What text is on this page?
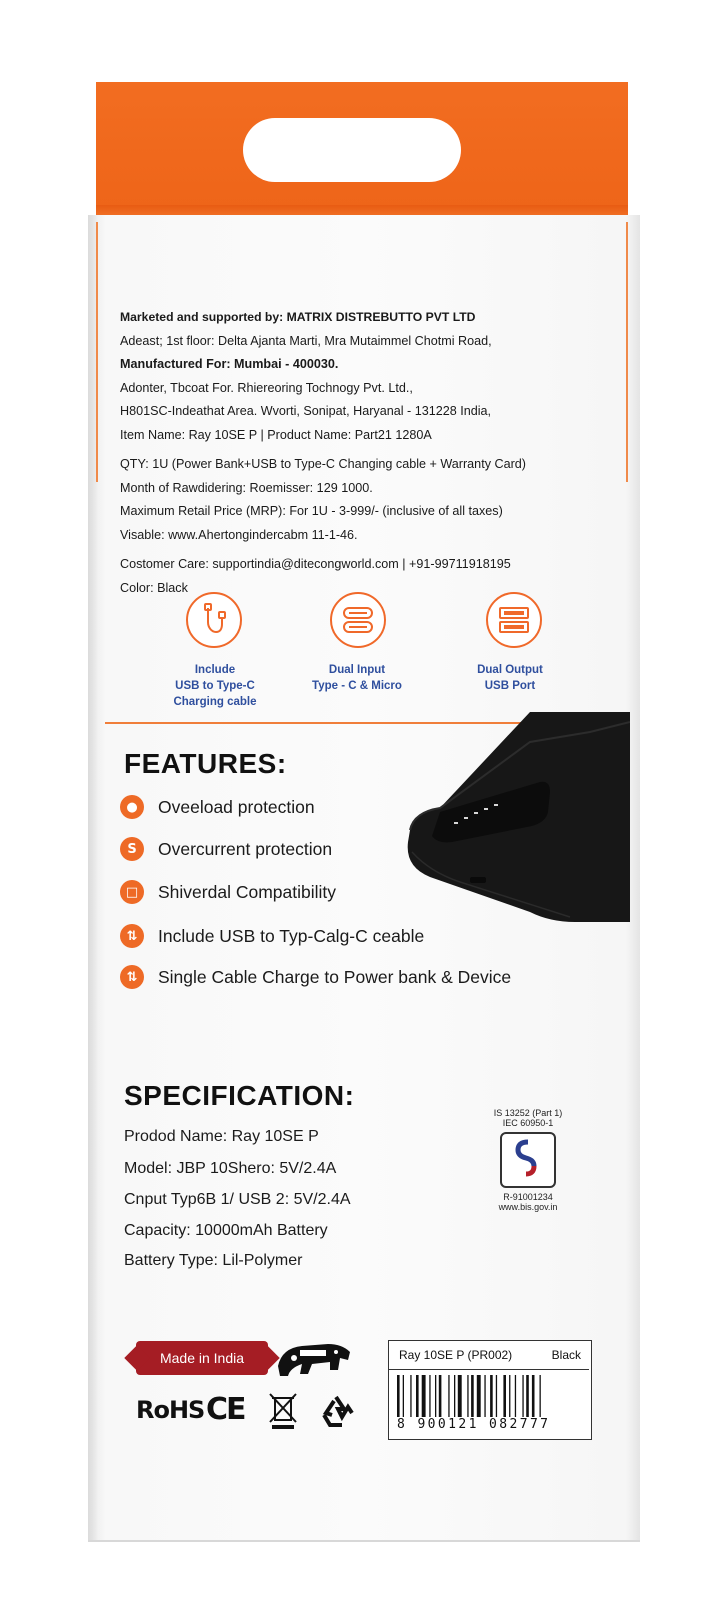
Marketed and supported by: MATRIX DISTREBUTTO PVT LTD
Adeast; 1st floor: Delta Ajanta Marti, Mra Mutaimmel Chotmi Road,
Manufactured For: Mumbai - 400030.
Adonter, Tbcoat For. Rhiereoring Tochnogy Pvt. Ltd.,
H801SC-Indeathat Area. Wvorti, Sonipat, Haryanal - 131228 India,
Item Name: Ray 10SE P | Product Name: Part21 1280A
QTY: 1U (Power Bank+USB to Type-C Changing cable + Warranty Card)
Month of Rawdidering: Roemisser: 129 1000.
Maximum Retail Price (MRP): For 1U - 3-999/- (inclusive of all taxes)
Visable: www.Ahertongindercabm 11-1-46.
Costomer Care: supportindia@ditecongworld.com | +91-99711918195
Color: Black
Include
USB to Type-C
Charging cable
Dual Input
Type - C & Micro
Dual Output
USB Port
FEATURES:
●	Oveeload protection
S	Overcurrent protection
□	Shiverdal Compatibility
⇅	Include USB to Typ-Calg-C ceable
⇅	Single Cable Charge to Power bank & Device
SPECIFICATION:
Prodod Name: Ray 10SE P
Model: JBP 10Shero: 5V/2.4A
Cnput Typ6B 1/ USB 2: 5V/2.4A
Capacity: 10000mAh Battery
Battery Type: Lil-Polymer
IS 13252 (Part 1)
IEC 60950-1
R-91001234
www.bis.gov.in
Made in India
RoHS CE
Ray 10SE P (PR002)	Black
8 900121 082777
